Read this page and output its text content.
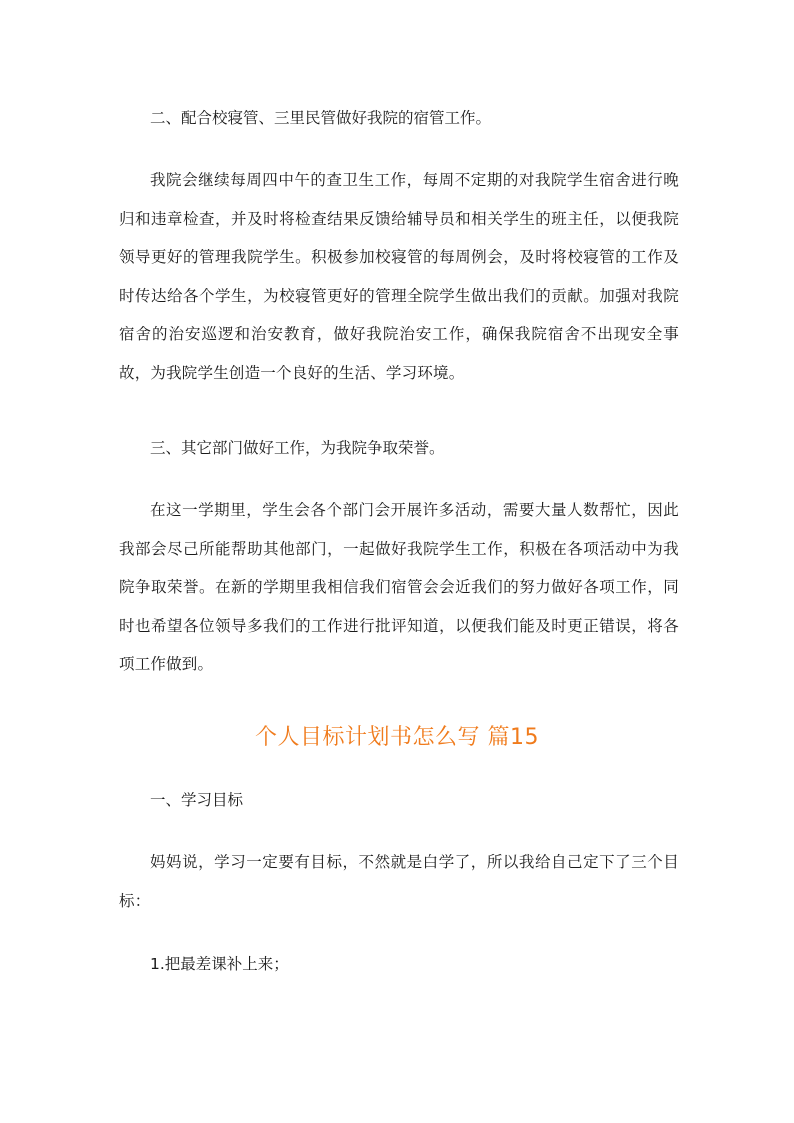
二、配合校寝管、三里民管做好我院的宿管工作。

我院会继续每周四中午的查卫生工作，每周不定期的对我院学生宿舍进行晚归和违章检查，并及时将检查结果反馈给辅导员和相关学生的班主任，以便我院领导更好的管理我院学生。积极参加校寝管的每周例会，及时将校寝管的工作及时传达给各个学生，为校寝管更好的管理全院学生做出我们的贡献。加强对我院宿舍的治安巡逻和治安教育，做好我院治安工作，确保我院宿舍不出现安全事故，为我院学生创造一个良好的生活、学习环境。

三、其它部门做好工作，为我院争取荣誉。

在这一学期里，学生会各个部门会开展许多活动，需要大量人数帮忙，因此我部会尽己所能帮助其他部门，一起做好我院学生工作，积极在各项活动中为我院争取荣誉。在新的学期里我相信我们宿管会会近我们的努力做好各项工作，同时也希望各位领导多我们的工作进行批评知道，以便我们能及时更正错误，将各项工作做到。

个人目标计划书怎么写 篇15

一、学习目标

妈妈说，学习一定要有目标，不然就是白学了，所以我给自己定下了三个目标：

1.把最差课补上来；
